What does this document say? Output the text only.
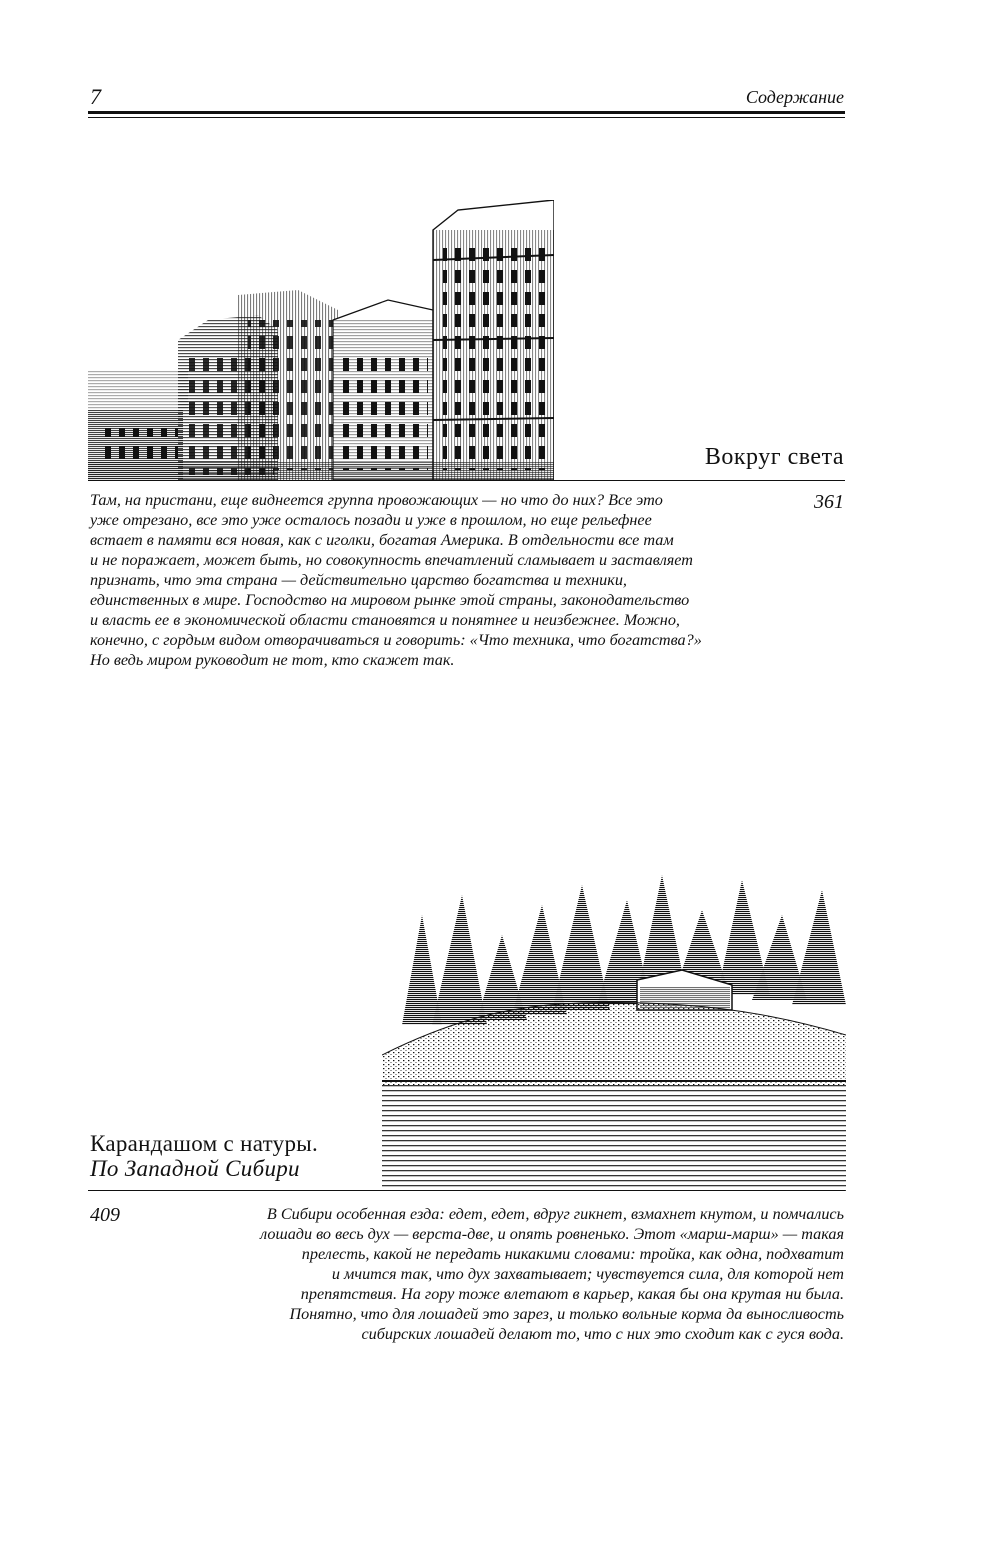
7	Содержание
Вокруг света
361

Там, на пристани, еще виднеется группа провожающих — но что до них? Все это
уже отрезано, все это уже осталось позади и уже в прошлом, но еще рельефнее
встает в памяти вся новая, как с иголки, богатая Америка. В отдельности все там
и не поражает, может быть, но совокупность впечатлений сламывает и заставляет
признать, что эта страна — действительно царство богатства и техники,
единственных в мире. Господство на мировом рынке этой страны, законодательство
и власть ее в экономической области становятся и понятнее и неизбежнее. Можно,
конечно, с гордым видом отворачиваться и говорить: «Что техника, что богатства?»
Но ведь миром руководит не тот, кто скажет так.

Карандашом с натуры.
По Западной Сибири
409	В Сибири особенная езда: едет, едет, вдруг гикнет, взмахнет кнутом, и помчались
лошади во весь дух — верста-две, и опять ровненько. Этот «марш-марш» — такая
прелесть, какой не передать никакими словами: тройка, как одна, подхватит
и мчится так, что дух захватывает; чувствуется сила, для которой нет
препятствия. На гору тоже влетают в карьер, какая бы она крутая ни была.
Понятно, что для лошадей это зарез, и только вольные корма да выносливость
сибирских лошадей делают то, что с них это сходит как с гуся вода.
